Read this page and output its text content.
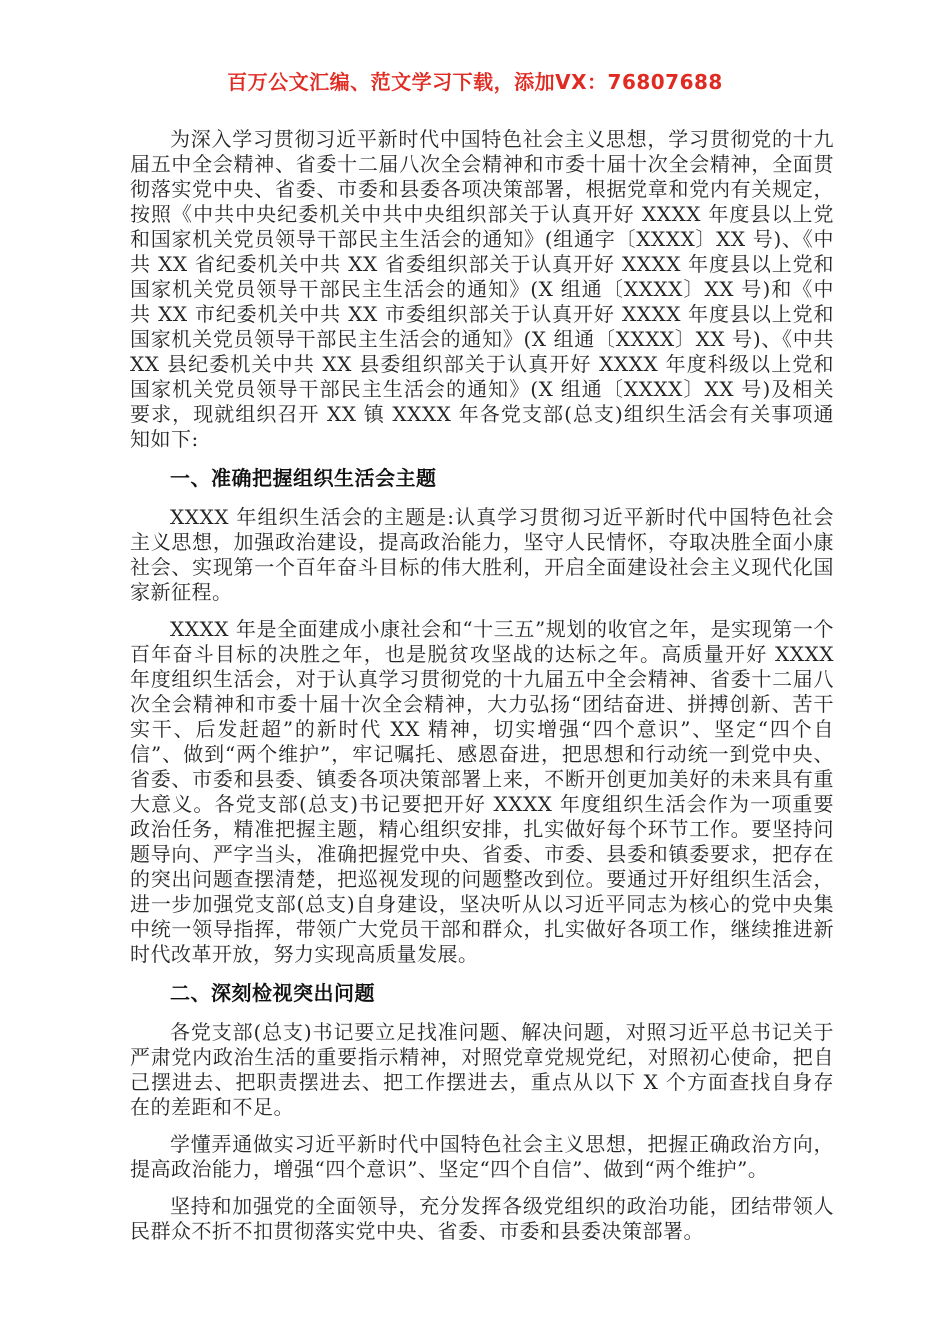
百万公文汇编、范文学习下载，添加VX：76807688

为深入学习贯彻习近平新时代中国特色社会主义思想，学习贯彻党的十九届五中全会精神、省委十二届八次全会精神和市委十届十次全会精神，全面贯彻落实党中央、省委、市委和县委各项决策部署，根据党章和党内有关规定，按照《中共中央纪委机关中共中央组织部关于认真开好 XXXX 年度县以上党和国家机关党员领导干部民主生活会的通知》(组通字〔XXXX〕XX 号)、《中共 XX 省纪委机关中共 XX 省委组织部关于认真开好 XXXX 年度县以上党和国家机关党员领导干部民主生活会的通知》(X 组通〔XXXX〕XX 号)和《中共 XX 市纪委机关中共 XX 市委组织部关于认真开好 XXXX 年度县以上党和国家机关党员领导干部民主生活会的通知》(X 组通〔XXXX〕XX 号)、《中共 XX 县纪委机关中共 XX 县委组织部关于认真开好 XXXX 年度科级以上党和国家机关党员领导干部民主生活会的通知》(X 组通〔XXXX〕XX 号)及相关要求，现就组织召开 XX 镇 XXXX 年各党支部(总支)组织生活会有关事项通知如下:

一、准确把握组织生活会主题

XXXX 年组织生活会的主题是:认真学习贯彻习近平新时代中国特色社会主义思想，加强政治建设，提高政治能力，坚守人民情怀，夺取决胜全面小康社会、实现第一个百年奋斗目标的伟大胜利，开启全面建设社会主义现代化国家新征程。

XXXX 年是全面建成小康社会和“十三五”规划的收官之年，是实现第一个百年奋斗目标的决胜之年，也是脱贫攻坚战的达标之年。高质量开好 XXXX 年度组织生活会，对于认真学习贯彻党的十九届五中全会精神、省委十二届八次全会精神和市委十届十次全会精神，大力弘扬“团结奋进、拼搏创新、苦干实干、后发赶超”的新时代 XX 精神，切实增强“四个意识”、坚定“四个自信”、做到“两个维护”，牢记嘱托、感恩奋进，把思想和行动统一到党中央、省委、市委和县委、镇委各项决策部署上来，不断开创更加美好的未来具有重大意义。各党支部(总支)书记要把开好 XXXX 年度组织生活会作为一项重要政治任务，精准把握主题，精心组织安排，扎实做好每个环节工作。要坚持问题导向、严字当头，准确把握党中央、省委、市委、县委和镇委要求，把存在的突出问题查摆清楚，把巡视发现的问题整改到位。要通过开好组织生活会，进一步加强党支部(总支)自身建设，坚决听从以习近平同志为核心的党中央集中统一领导指挥，带领广大党员干部和群众，扎实做好各项工作，继续推进新时代改革开放，努力实现高质量发展。

二、深刻检视突出问题

各党支部(总支)书记要立足找准问题、解决问题，对照习近平总书记关于严肃党内政治生活的重要指示精神，对照党章党规党纪，对照初心使命，把自己摆进去、把职责摆进去、把工作摆进去，重点从以下 X 个方面查找自身存在的差距和不足。

学懂弄通做实习近平新时代中国特色社会主义思想，把握正确政治方向，提高政治能力，增强“四个意识”、坚定“四个自信”、做到“两个维护”。

坚持和加强党的全面领导，充分发挥各级党组织的政治功能，团结带领人民群众不折不扣贯彻落实党中央、省委、市委和县委决策部署。
